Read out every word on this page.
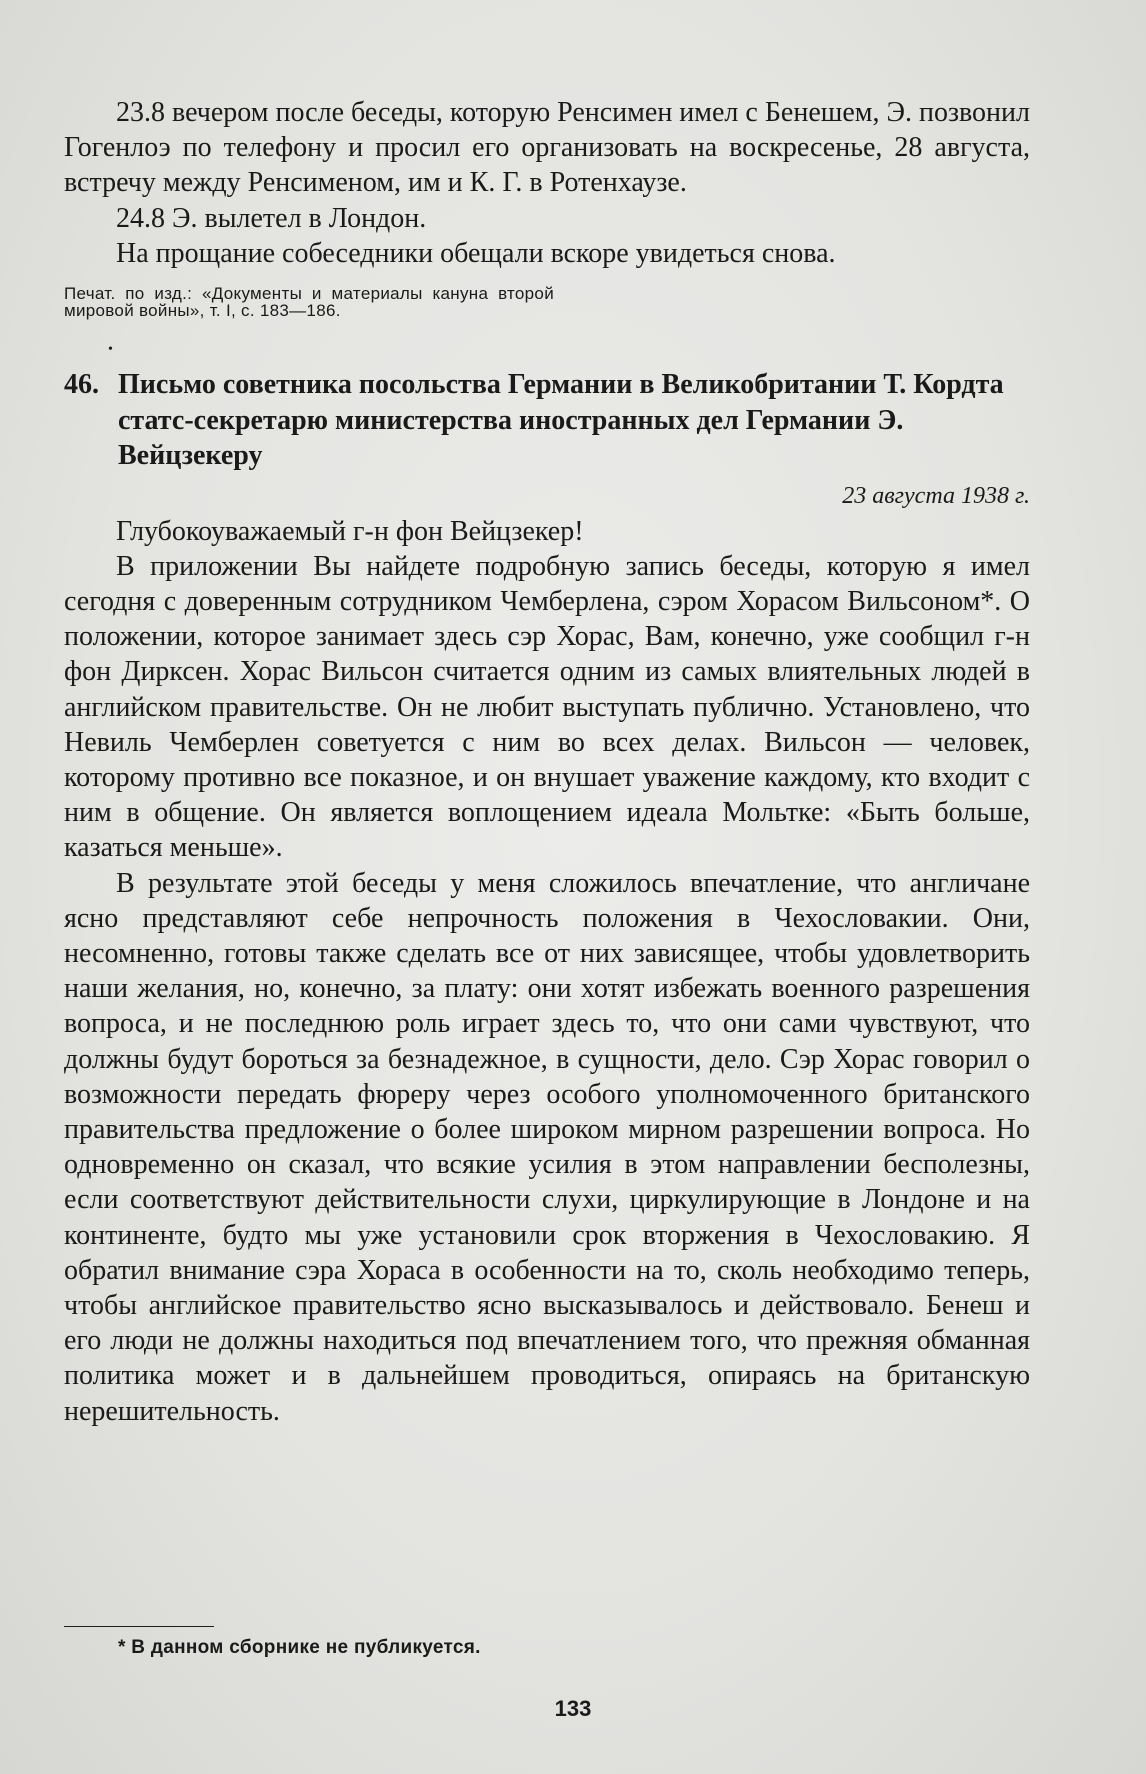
23.8 вечером после беседы, которую Ренсимен имел с Бенешем, Э. позвонил Гогенлоэ по телефону и просил его организовать на воскресенье, 28 августа, встречу между Ренсименом, им и К. Г. в Ротенхаузе.

24.8 Э. вылетел в Лондон.

На прощание собеседники обещали вскоре увидеться снова.

Печат. по изд.: «Документы и материалы кануна второй мировой войны», т. I, с. 183—186.

•
46. Письмо советника посольства Германии в Великобритании Т. Кордта статс-секретарю министерства иностранных дел Германии Э. Вейцзекеру

23 августа 1938 г.

Глубокоуважаемый г-н фон Вейцзекер!

В приложении Вы найдете подробную запись беседы, которую я имел сегодня с доверенным сотрудником Чемберлена, сэром Хорасом Вильсоном*. О положении, которое занимает здесь сэр Хорас, Вам, конечно, уже сообщил г-н фон Дирксен. Хорас Вильсон считается одним из самых влиятельных людей в английском правительстве. Он не любит выступать публично. Установлено, что Невиль Чемберлен советуется с ним во всех делах. Вильсон — человек, которому противно все показное, и он внушает уважение каждому, кто входит с ним в общение. Он является воплощением идеала Мольтке: «Быть больше, казаться меньше».

В результате этой беседы у меня сложилось впечатление, что англичане ясно представляют себе непрочность положения в Чехословакии. Они, несомненно, готовы также сделать все от них зависящее, чтобы удовлетворить наши желания, но, конечно, за плату: они хотят избежать военного разрешения вопроса, и не последнюю роль играет здесь то, что они сами чувствуют, что должны будут бороться за безнадежное, в сущности, дело. Сэр Хорас говорил о возможности передать фюреру через особого уполномоченного британского правительства предложение о более широком мирном разрешении вопроса. Но одновременно он сказал, что всякие усилия в этом направлении бесполезны, если соответствуют действительности слухи, циркулирующие в Лондоне и на континенте, будто мы уже установили срок вторжения в Чехословакию. Я обратил внимание сэра Хораса в особенности на то, сколь необходимо теперь, чтобы английское правительство ясно высказывалось и действовало. Бенеш и его люди не должны находиться под впечатлением того, что прежняя обманная политика может и в дальнейшем проводиться, опираясь на британскую нерешительность.

* В данном сборнике не публикуется.
133
